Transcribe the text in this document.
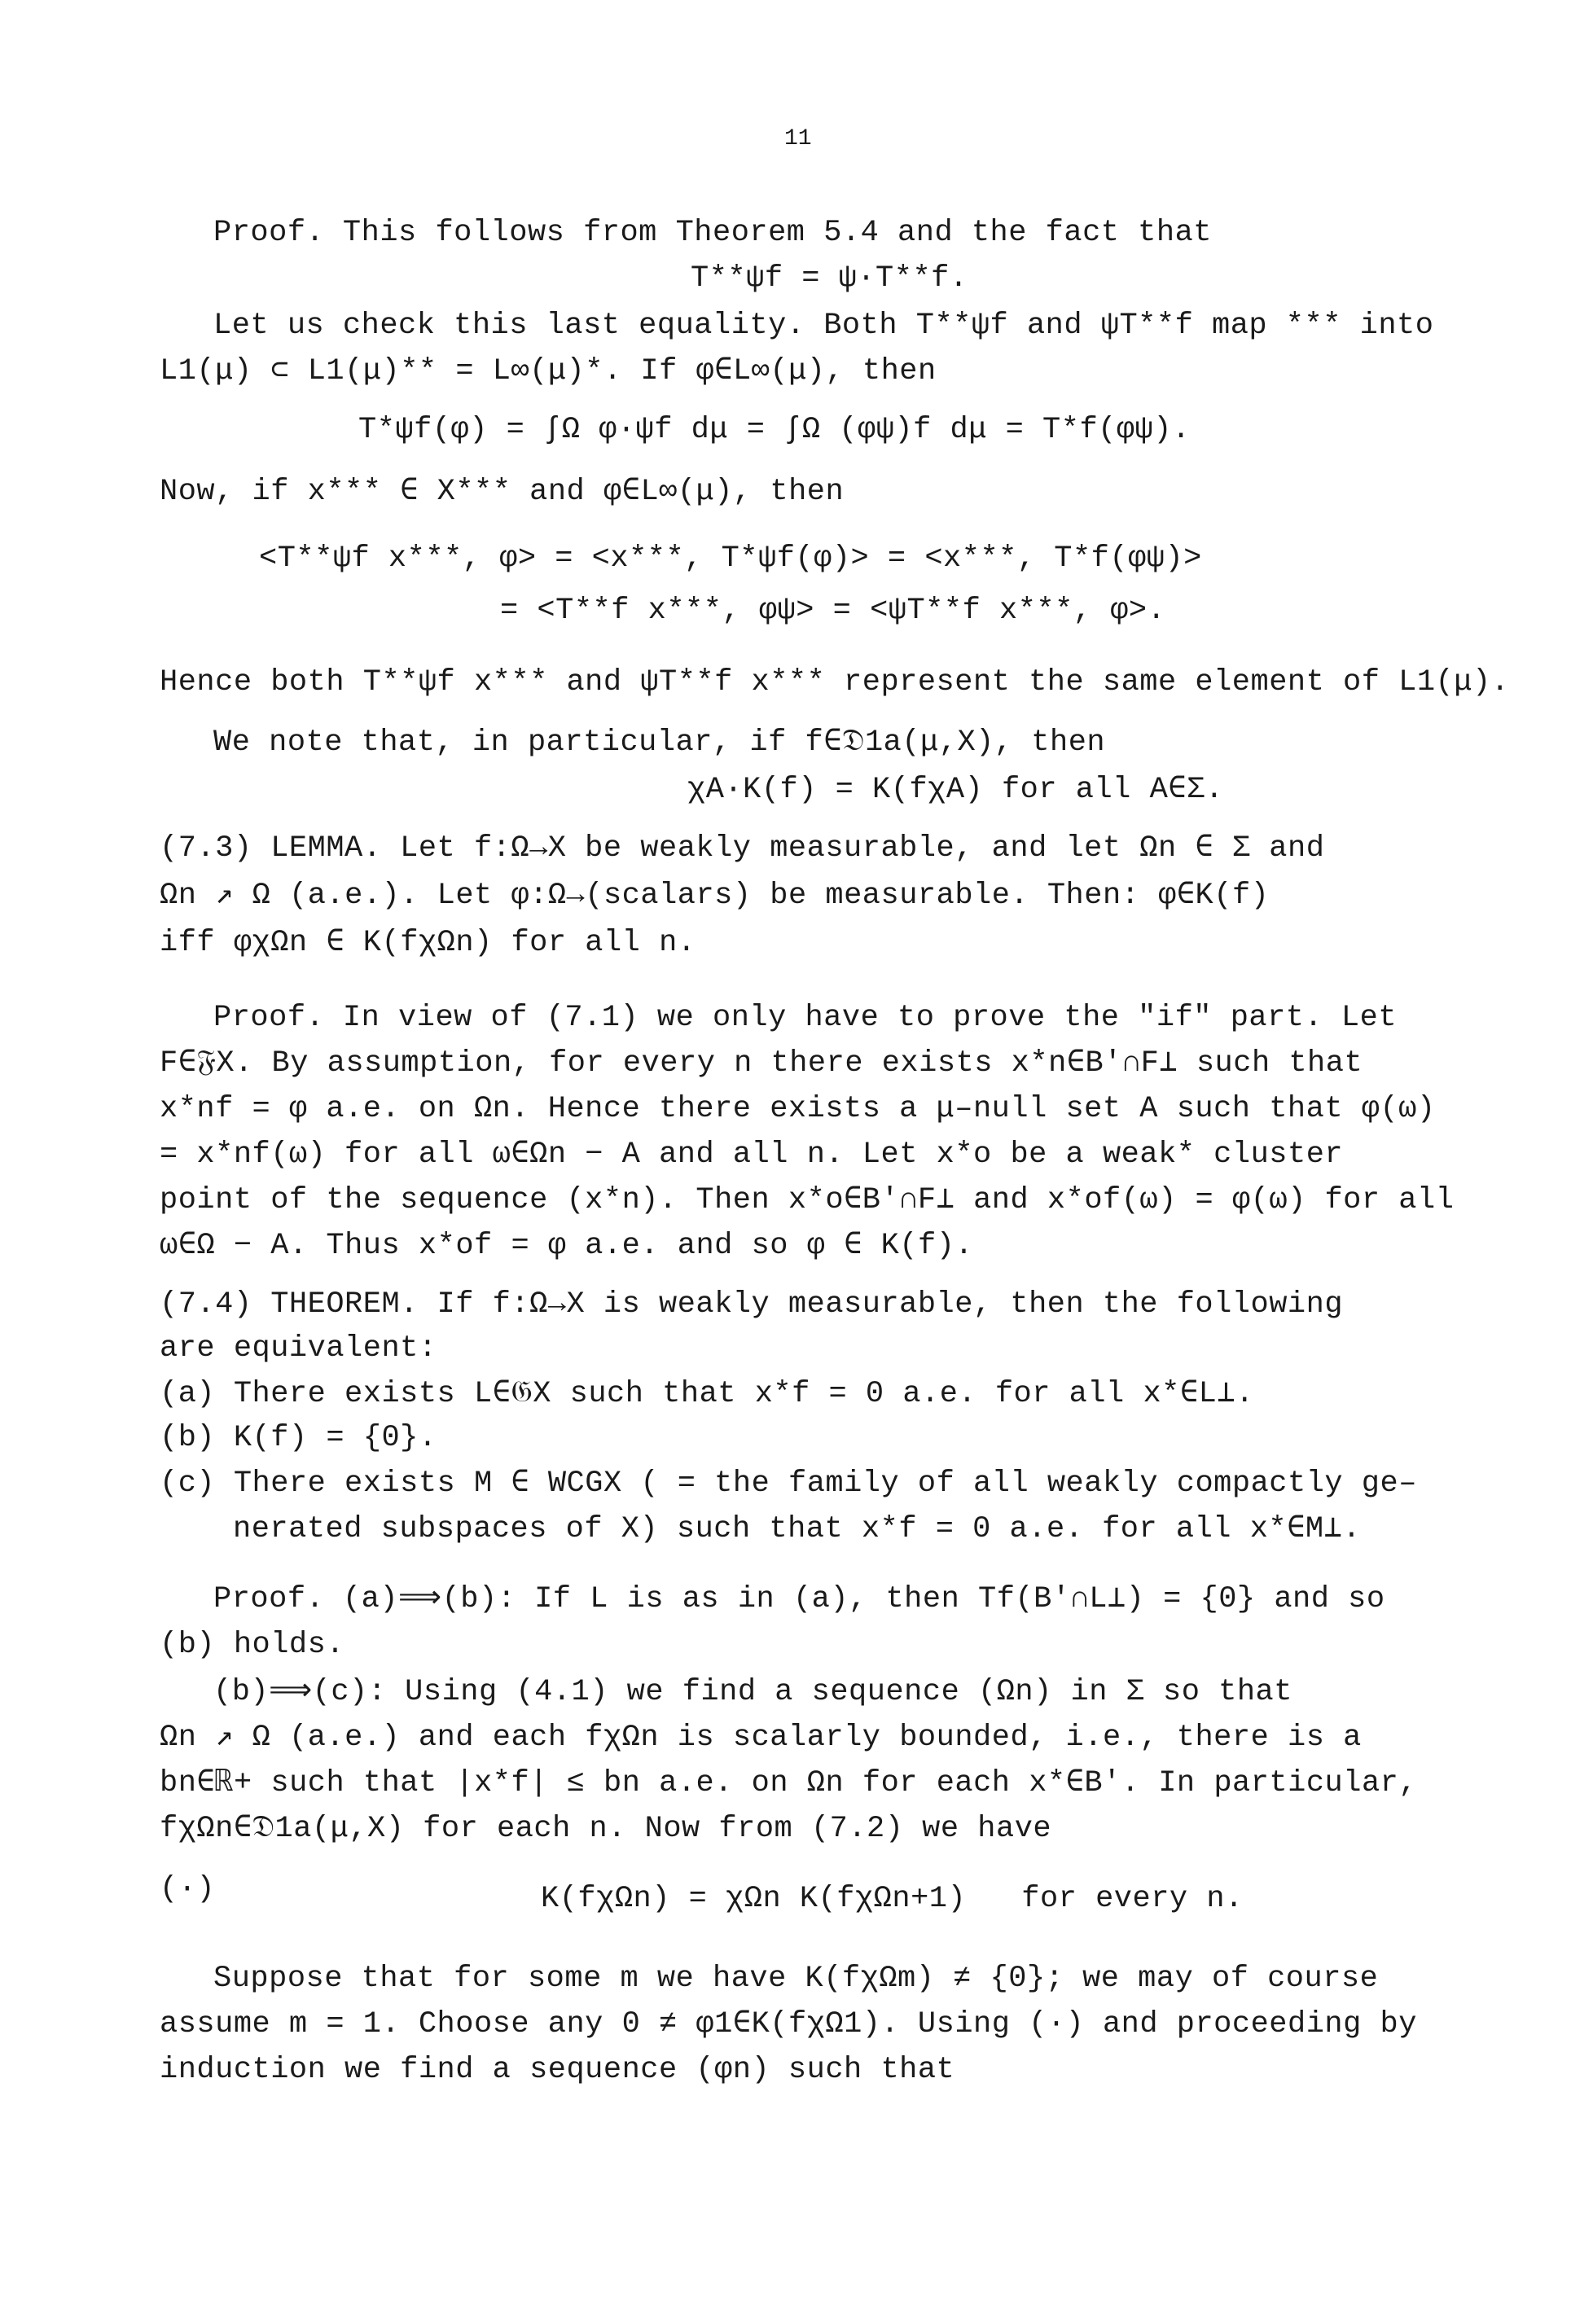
11
Proof. This follows from Theorem 5.4 and the fact that
T**ψf = ψ·T**f.
Let us check this last equality. Both T**ψf and ψT**f map *** into
L1(μ) ⊂ L1(μ)** = L∞(μ)*. If φ∈L∞(μ), then
T*ψf(φ) = ∫Ω φ·ψf dμ = ∫Ω (φψ)f dμ = T*f(φψ).
Now, if x*** ∈ X*** and φ∈L∞(μ), then
<T**ψf x***, φ> = <x***, T*ψf(φ)> = <x***, T*f(φψ)>
= <T**f x***, φψ> = <ψT**f x***, φ>.
Hence both T**ψf x*** and ψT**f x*** represent the same element of L1(μ).
We note that, in particular, if f∈𝔇1a(μ,X), then
χA·K(f) = K(fχA) for all A∈Σ.
(7.3) LEMMA. Let f:Ω→X be weakly measurable, and let Ωn ∈ Σ and
Ωn ↗ Ω (a.e.). Let φ:Ω→(scalars) be measurable. Then: φ∈K(f)
iff φχΩn ∈ K(fχΩn) for all n.
Proof. In view of (7.1) we only have to prove the "if" part. Let
F∈𝔉X. By assumption, for every n there exists x*n∈B′∩F⊥ such that
x*nf = φ a.e. on Ωn. Hence there exists a μ–null set A such that φ(ω)
= x*nf(ω) for all ω∈Ωn − A and all n. Let x*o be a weak* cluster
point of the sequence (x*n). Then x*o∈B′∩F⊥ and x*of(ω) = φ(ω) for all
ω∈Ω − A. Thus x*of = φ a.e. and so φ ∈ K(f).
(7.4) THEOREM. If f:Ω→X is weakly measurable, then the following
are equivalent:
(a) There exists L∈𝔊X such that x*f = 0 a.e. for all x*∈L⊥.
(b) K(f) = {0}.
(c) There exists M ∈ WCGX ( = the family of all weakly compactly ge–
nerated subspaces of X) such that x*f = 0 a.e. for all x*∈M⊥.
Proof. (a)⟹(b): If L is as in (a), then Tf(B′∩L⊥) = {0} and so
(b) holds.
(b)⟹(c): Using (4.1) we find a sequence (Ωn) in Σ so that
Ωn ↗ Ω (a.e.) and each fχΩn is scalarly bounded, i.e., there is a
bn∈ℝ+ such that |x*f| ≤ bn a.e. on Ωn for each x*∈B′. In particular,
fχΩn∈𝔇1a(μ,X) for each n. Now from (7.2) we have
(·)	K(fχΩn) = χΩn K(fχΩn+1)   for every n.
Suppose that for some m we have K(fχΩm) ≠ {0}; we may of course
assume m = 1. Choose any 0 ≠ φ1∈K(fχΩ1). Using (·) and proceeding by
induction we find a sequence (φn) such that
